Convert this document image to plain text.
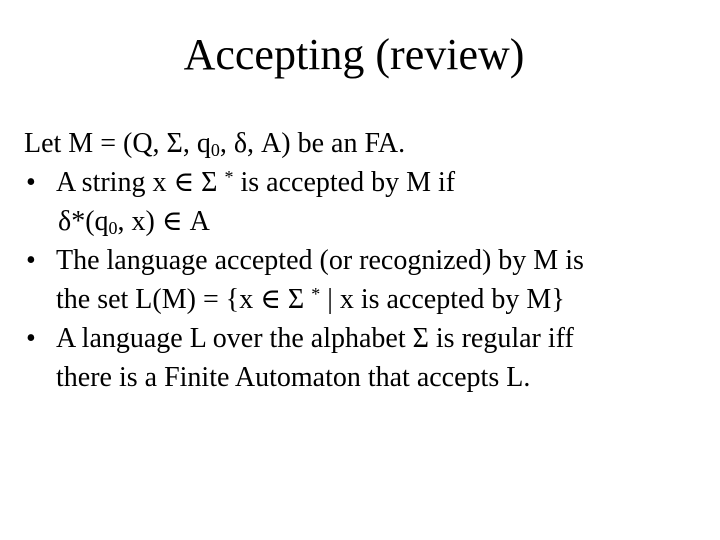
Accepting (review)
Let M = (Q, Σ, $q_0$, δ, A) be an FA.
• A string x ∈ Σ * is accepted by M if
$\delta*(q_0$, x) ∈ A
• The language accepted (or recognized) by M is
the set L(M) = {x ∈ Σ * | x is accepted by M}
• A language L over the alphabet Σ is regular iff
there is a Finite Automaton that accepts L.
